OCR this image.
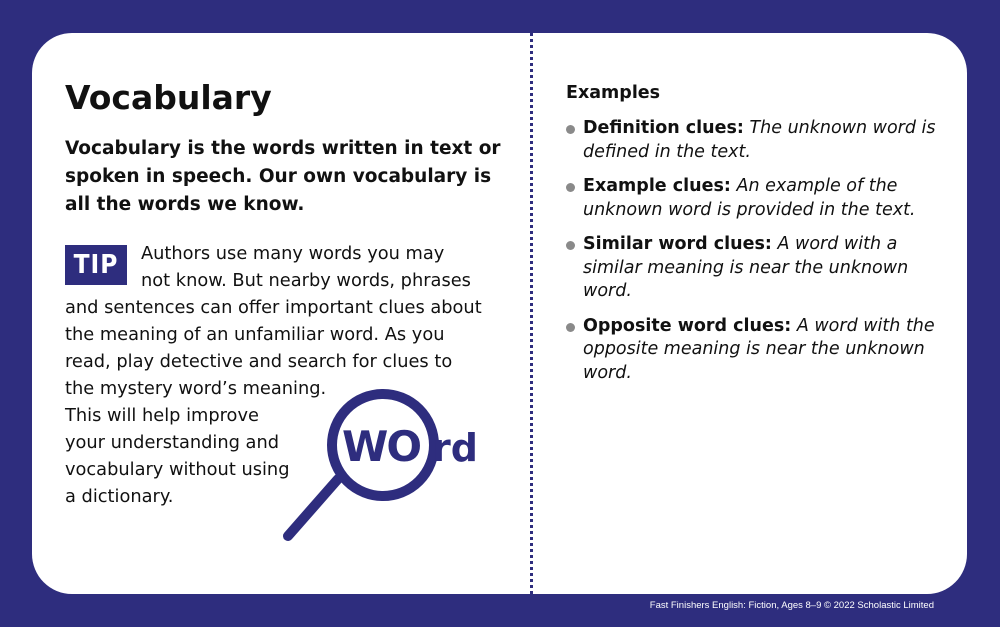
Vocabulary

Vocabulary is the words written in text or spoken in speech. Our own vocabulary is all the words we know.

TIP	Authors use many words you may
not know. But nearby words, phrases
and sentences can offer important clues about
the meaning of an unfamiliar word. As you
read, play detective and search for clues to
the mystery word’s meaning.
This will help improve
your understanding and
vocabulary without using
a dictionary.
WO rd
Examples
Definition clues: The unknown word is defined in the text.
Example clues: An example of the unknown word is provided in the text.
Similar word clues: A word with a similar meaning is near the unknown word.
Opposite word clues: A word with the opposite meaning is near the unknown word.
Fast Finishers English: Fiction, Ages 8–9 © 2022 Scholastic Limited
